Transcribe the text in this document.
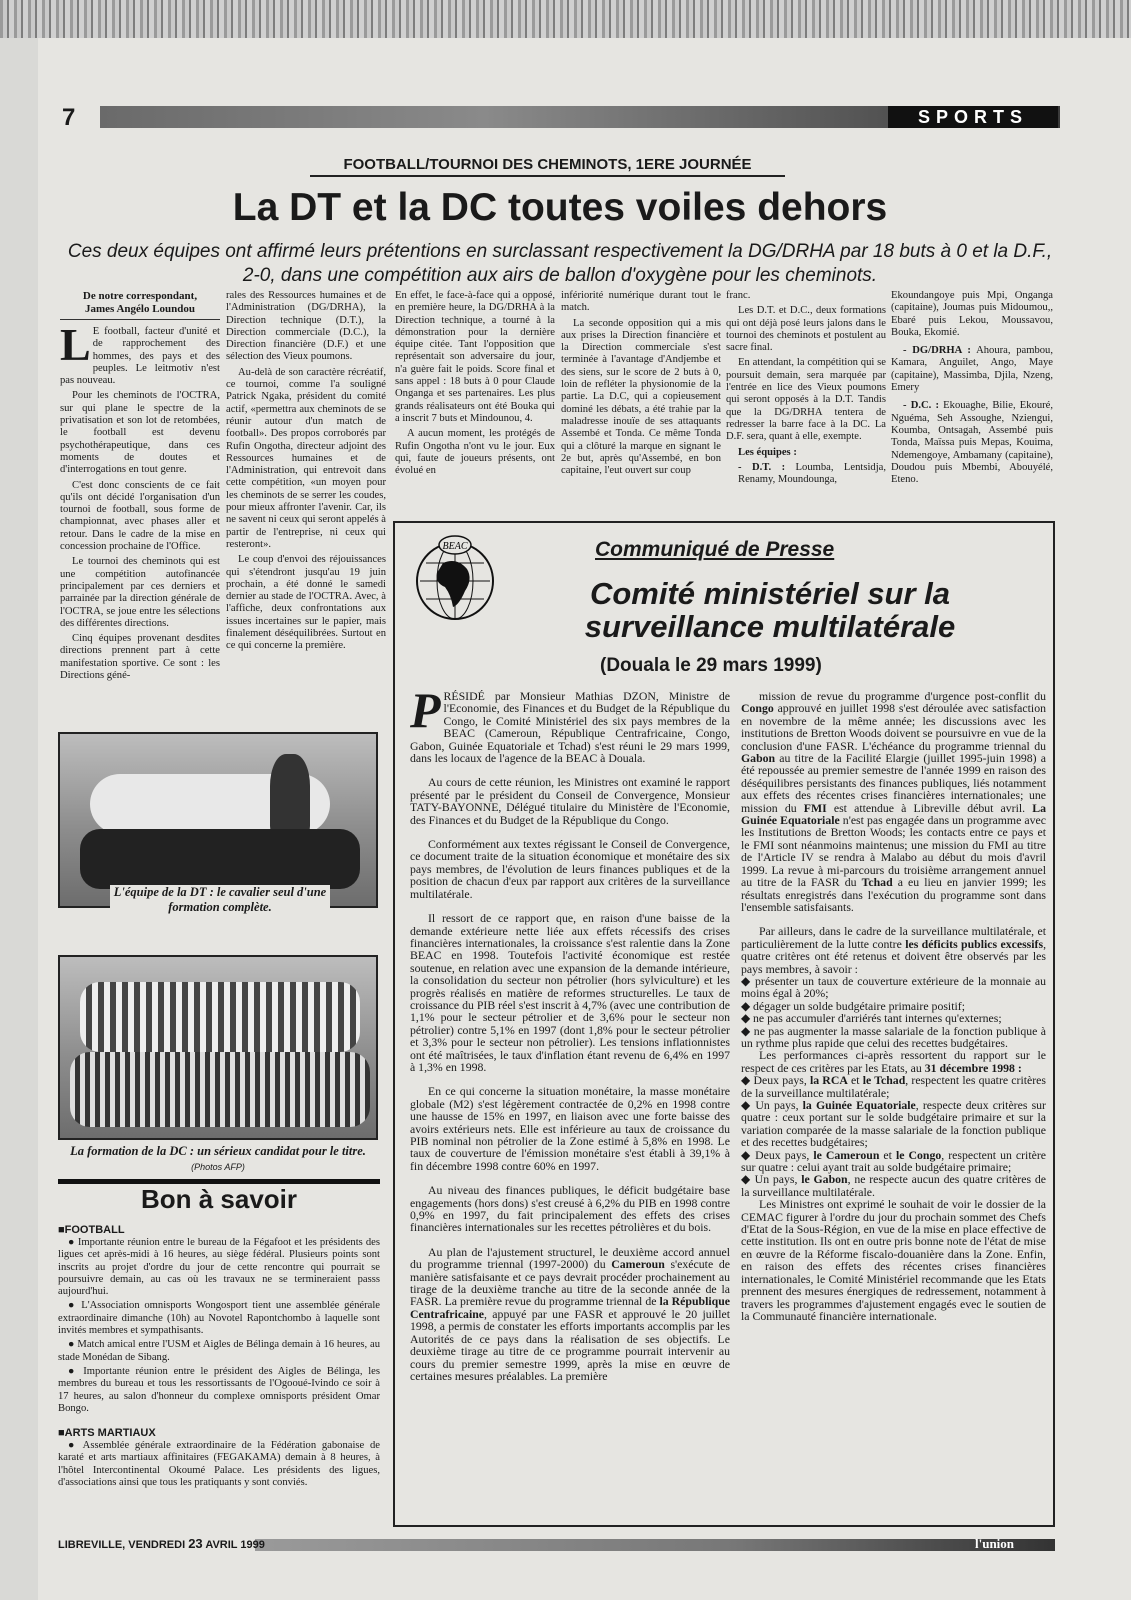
7	SPORTS
FOOTBALL/TOURNOI DES CHEMINOTS, 1ERE JOURNÉE
La DT et la DC toutes voiles dehors
Ces deux équipes ont affirmé leurs prétentions en surclassant respectivement la DG/DRHA par 18 buts à 0 et la D.F., 2-0, dans une compétition aux airs de ballon d'oxygène pour les cheminots.
De notre correspondant,
James Angélo Loundou

L E football, facteur d'unité et de rapprochement des hommes, des pays et des peuples. Le leitmotiv n'est pas nouveau.

Pour les cheminots de l'OCTRA, sur qui plane le spectre de la privatisation et son lot de retombées, le football est devenu psychothérapeutique, dans ces moments de doutes et d'interrogations en tout genre.

C'est donc conscients de ce fait qu'ils ont décidé l'organisation d'un tournoi de football, sous forme de championnat, avec phases aller et retour. Dans le cadre de la mise en concession prochaine de l'Office.

Le tournoi des cheminots qui est une compétition autofinancée principalement par ces derniers et parrainée par la direction générale de l'OCTRA, se joue entre les sélections des différentes directions.

Cinq équipes provenant desdites directions prennent part à cette manifestation sportive. Ce sont : les Directions géné-

rales des Ressources humaines et de l'Administration (DG/DRHA), la Direction technique (D.T.), la Direction commerciale (D.C.), la Direction financière (D.F.) et une sélection des Vieux poumons.

Au-delà de son caractère récréatif, ce tournoi, comme l'a souligné Patrick Ngaka, président du comité actif, «permettra aux cheminots de se réunir autour d'un match de football». Des propos corroborés par Rufin Ongotha, directeur adjoint des Ressources humaines et de l'Administration, qui entrevoit dans cette compétition, «un moyen pour les cheminots de se serrer les coudes, pour mieux affronter l'avenir. Car, ils ne savent ni ceux qui seront appelés à partir de l'entreprise, ni ceux qui resteront».

Le coup d'envoi des réjouissances qui s'étendront jusqu'au 19 juin prochain, a été donné le samedi dernier au stade de l'OCTRA. Avec, à l'affiche, deux confrontations aux issues incertaines sur le papier, mais finalement déséquilibrées. Surtout en ce qui concerne la première.

En effet, le face-à-face qui a opposé, en première heure, la DG/DRHA à la Direction technique, a tourné à la démonstration pour la dernière équipe citée. Tant l'opposition que représentait son adversaire du jour, n'a guère fait le poids. Score final et sans appel : 18 buts à 0 pour Claude Onganga et ses partenaires. Les plus grands réalisateurs ont été Bouka qui a inscrit 7 buts et Mindounou, 4.

A aucun moment, les protégés de Rufin Ongotha n'ont vu le jour. Eux qui, faute de joueurs présents, ont évolué en

infériorité numérique durant tout le match.

La seconde opposition qui a mis aux prises la Direction financière et la Direction commerciale s'est terminée à l'avantage d'Andjembe et des siens, sur le score de 2 buts à 0, loin de refléter la physionomie de la partie. La D.C, qui a copieusement dominé les débats, a été trahie par la maladresse inouïe de ses attaquants Assembé et Tonda. Ce même Tonda qui a clôturé la marque en signant le 2e but, après qu'Assembé, en bon capitaine, l'eut ouvert sur coup

franc.

Les D.T. et D.C., deux formations qui ont déjà posé leurs jalons dans le tournoi des cheminots et postulent au sacre final.

En attendant, la compétition qui se poursuit demain, sera marquée par l'entrée en lice des Vieux poumons qui seront opposés à la D.T. Tandis que la DG/DRHA tentera de redresser la barre face à la DC. La D.F. sera, quant à elle, exempte.

Les équipes :

- D.T. : Loumba, Lentsidja, Renamy, Moundounga,

Ekoundangoye puis Mpi, Onganga (capitaine), Joumas puis Midoumou,, Ebaré puis Lekou, Moussavou, Bouka, Ekomié.

- DG/DRHA : Ahoura, pambou, Kamara, Anguilet, Ango, Maye (capitaine), Massimba, Djila, Nzeng, Emery

- D.C. : Ekouaghe, Bilie, Ekouré, Nguéma, Seh Assoughe, Nziengui, Koumba, Ontsagah, Assembé puis Tonda, Maïssa puis Mepas, Kouima, Ndemengoye, Ambamany (capitaine), Doudou puis Mbembi, Abouyélé, Eteno.

L'équipe de la DT : le cavalier seul d'une formation complète.
La formation de la DC : un sérieux candidat pour le titre. (Photos AFP)
Bon à savoir
■ FOOTBALL

● Importante réunion entre le bureau de la Fégafoot et les présidents des ligues cet après-midi à 16 heures, au siège fédéral. Plusieurs points sont inscrits au projet d'ordre du jour de cette rencontre qui pourrait se poursuivre demain, au cas où les travaux ne se termineraient passs aujourd'hui.

● L'Association omnisports Wongosport tient une assemblée générale extraordinaire dimanche (10h) au Novotel Rapontchombo à laquelle sont invités membres et sympathisants.

● Match amical entre l'USM et Aigles de Bélinga demain à 16 heures, au stade Monédan de Sibang.

● Importante réunion entre le président des Aigles de Bélinga, les membres du bureau et tous les ressortissants de l'Ogooué-Ivindo ce soir à 17 heures, au salon d'honneur du complexe omnisports président Omar Bongo.

■ ARTS MARTIAUX

● Assemblée générale extraordinaire de la Fédération gabonaise de karaté et arts martiaux affinitaires (FEGAKAMA) demain à 8 heures, à l'hôtel Intercontinental Okoumé Palace. Les présidents des ligues, d'associations ainsi que tous les pratiquants y sont conviés.

BEAC	Communiqué de Presse
Comité ministériel sur la surveillance multilatérale
(Douala le 29 mars 1999)

PRÉSIDÉ par Monsieur Mathias DZON, Ministre de l'Economie, des Finances et du Budget de la République du Congo, le Comité Ministériel des six pays membres de la BEAC (Cameroun, République Centrafricaine, Congo, Gabon, Guinée Equatoriale et Tchad) s'est réuni le 29 mars 1999, dans les locaux de l'agence de la BEAC à Douala.

Au cours de cette réunion, les Ministres ont examiné le rapport présenté par le président du Conseil de Convergence, Monsieur TATY-BAYONNE, Délégué titulaire du Ministère de l'Economie, des Finances et du Budget de la République du Congo.

Conformément aux textes régissant le Conseil de Convergence, ce document traite de la situation économique et monétaire des six pays membres, de l'évolution de leurs finances publiques et de la position de chacun d'eux par rapport aux critères de la surveillance multilatérale.

Il ressort de ce rapport que, en raison d'une baisse de la demande extérieure nette liée aux effets récessifs des crises financières internationales, la croissance s'est ralentie dans la Zone BEAC en 1998. Toutefois l'activité économique est restée soutenue, en relation avec une expansion de la demande intérieure, la consolidation du secteur non pétrolier (hors sylviculture) et les progrès réalisés en matière de reformes structurelles. Le taux de croissance du PIB réel s'est inscrit à 4,7% (avec une contribution de 1,1% pour le secteur pétrolier et de 3,6% pour le secteur non pétrolier) contre 5,1% en 1997 (dont 1,8% pour le secteur pétrolier et 3,3% pour le secteur non pétrolier). Les tensions inflationnistes ont été maîtrisées, le taux d'inflation étant revenu de 6,4% en 1997 à 1,3% en 1998.

En ce qui concerne la situation monétaire, la masse monétaire globale (M2) s'est légèrement contractée de 0,2% en 1998 contre une hausse de 15% en 1997, en liaison avec une forte baisse des avoirs extérieurs nets. Elle est inférieure au taux de croissance du PIB nominal non pétrolier de la Zone estimé à 5,8% en 1998. Le taux de couverture de l'émission monétaire s'est établi à 39,1% à fin décembre 1998 contre 60% en 1997.

Au niveau des finances publiques, le déficit budgétaire base engagements (hors dons) s'est creusé à 6,2% du PIB en 1998 contre 0,9% en 1997, du fait principalement des effets des crises financières internationales sur les recettes pétrolières et du bois.

Au plan de l'ajustement structurel, le deuxième accord annuel du programme triennal (1997-2000) du Cameroun s'exécute de manière satisfaisante et ce pays devrait procéder prochainement au tirage de la deuxième tranche au titre de la seconde année de la FASR. La première revue du programme triennal de la République Centrafricaine, appuyé par une FASR et approuvé le 20 juillet 1998, a permis de constater les efforts importants accomplis par les Autorités de ce pays dans la réalisation de ses objectifs. Le deuxième tirage au titre de ce programme pourrait intervenir au cours du premier semestre 1999, après la mise en œuvre de certaines mesures préalables. La première

mission de revue du programme d'urgence post-conflit du Congo approuvé en juillet 1998 s'est déroulée avec satisfaction en novembre de la même année; les discussions avec les institutions de Bretton Woods doivent se poursuivre en vue de la conclusion d'une FASR. L'échéance du programme triennal du Gabon au titre de la Facilité Elargie (juillet 1995-juin 1998) a été repoussée au premier semestre de l'année 1999 en raison des déséquilibres persistants des finances publiques, liés notamment aux effets des récentes crises financières internationales; une mission du FMI est attendue à Libreville début avril. La Guinée Equatoriale n'est pas engagée dans un programme avec les Institutions de Bretton Woods; les contacts entre ce pays et le FMI sont néanmoins maintenus; une mission du FMI au titre de l'Article IV se rendra à Malabo au début du mois d'avril 1999. La revue à mi-parcours du troisième arrangement annuel au titre de la FASR du Tchad a eu lieu en janvier 1999; les résultats enregistrés dans l'exécution du programme sont dans l'ensemble satisfaisants.

Par ailleurs, dans le cadre de la surveillance multilatérale, et particulièrement de la lutte contre les déficits publics excessifs, quatre critères ont été retenus et doivent être observés par les pays membres, à savoir :

◆ présenter un taux de couverture extérieure de la monnaie au moins égal à 20%;

◆ dégager un solde budgétaire primaire positif;

◆ ne pas accumuler d'arriérés tant internes qu'externes;

◆ ne pas augmenter la masse salariale de la fonction publique à un rythme plus rapide que celui des recettes budgétaires.

Les performances ci-après ressortent du rapport sur le respect de ces critères par les Etats, au 31 décembre 1998 :

◆ Deux pays, la RCA et le Tchad, respectent les quatre critères de la surveillance multilatérale;

◆ Un pays, la Guinée Equatoriale, respecte deux critères sur quatre : ceux portant sur le solde budgétaire primaire et sur la variation comparée de la masse salariale de la fonction publique et des recettes budgétaires;

◆ Deux pays, le Cameroun et le Congo, respectent un critère sur quatre : celui ayant trait au solde budgétaire primaire;

◆ Un pays, le Gabon, ne respecte aucun des quatre critères de la surveillance multilatérale.

Les Ministres ont exprimé le souhait de voir le dossier de la CEMAC figurer à l'ordre du jour du prochain sommet des Chefs d'Etat de la Sous-Région, en vue de la mise en place effective de cette institution. Ils ont en outre pris bonne note de l'état de mise en œuvre de la Réforme fiscalo-douanière dans la Zone. Enfin, en raison des effets des récentes crises financières internationales, le Comité Ministériel recommande que les Etats prennent des mesures énergiques de redressement, notamment à travers les programmes d'ajustement engagés evec le soutien de la Communauté financière internationale.

LIBREVILLE, VENDREDI 23 AVRIL 1999	l'union
